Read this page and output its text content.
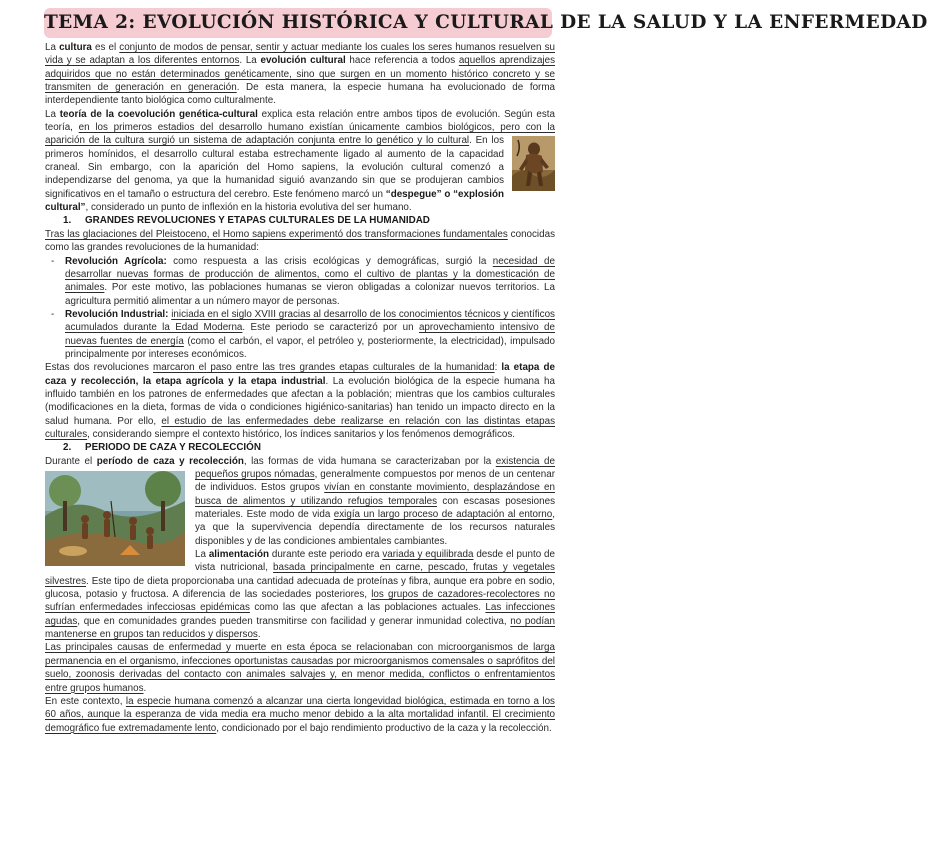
TEMA 2: EVOLUCIÓN HISTÓRICA Y CULTURAL DE LA SALUD Y LA ENFERMEDAD

La cultura es el conjunto de modos de pensar, sentir y actuar mediante los cuales los seres humanos resuelven su vida y se adaptan a los diferentes entornos. La evolución cultural hace referencia a todos aquellos aprendizajes adquiridos que no están determinados genéticamente, sino que surgen en un momento histórico concreto y se transmiten de generación en generación. De esta manera, la especie humana ha evolucionado de forma interdependiente tanto biológica como culturalmente.

La teoría de la coevolución genética-cultural explica esta relación entre ambos tipos de evolución. Según esta teoría, en los primeros estadios del desarrollo humano existían únicamente cambios biológicos, pero con la aparición de la cultura surgió un sistema de adaptación conjunta entre lo genético y lo cultural
. En los primeros homínidos, el desarrollo cultural estaba estrechamente ligado al aumento de la capacidad craneal. Sin embargo, con la aparición del Homo sapiens, la evolución cultural comenzó a independizarse del genoma, ya que la humanidad siguió avanzando sin que se produjeran cambios significativos en el tamaño o estructura del cerebro. Este fenómeno marcó un “despegue” o “explosión cultural”, considerado un punto de inflexión en la historia evolutiva del ser humano.

1. GRANDES REVOLUCIONES Y ETAPAS CULTURALES DE LA HUMANIDAD

Tras las glaciaciones del Pleistoceno, el Homo sapiens experimentó dos transformaciones fundamentales conocidas como las grandes revoluciones de la humanidad:

- Revolución Agrícola: como respuesta a las crisis ecológicas y demográficas, surgió la necesidad de desarrollar nuevas formas de producción de alimentos, como el cultivo de plantas y la domesticación de animales. Por este motivo, las poblaciones humanas se vieron obligadas a colonizar nuevos territorios. La agricultura permitió alimentar a un número mayor de personas.
- Revolución Industrial: iniciada en el siglo XVIII gracias al desarrollo de los conocimientos técnicos y científicos acumulados durante la Edad Moderna. Este periodo se caracterizó por un aprovechamiento intensivo de nuevas fuentes de energía (como el carbón, el vapor, el petróleo y, posteriormente, la electricidad), impulsado principalmente por intereses económicos.

Estas dos revoluciones marcaron el paso entre las tres grandes etapas culturales de la humanidad: la etapa de caza y recolección, la etapa agrícola y la etapa industrial. La evolución biológica de la especie humana ha influido también en los patrones de enfermedades que afectan a la población; mientras que los cambios culturales (modificaciones en la dieta, formas de vida o condiciones higiénico-sanitarias) han tenido un impacto directo en la salud humana. Por ello, el estudio de las enfermedades debe realizarse en relación con las distintas etapas culturales, considerando siempre el contexto histórico, los índices sanitarios y los fenómenos demográficos.

2. PERIODO DE CAZA Y RECOLECCIÓN

Durante el período de caza y recolección, las formas de vida humana se caracterizaban por la
existencia de pequeños grupos nómadas, generalmente compuestos por menos de un centenar de individuos. Estos grupos vivían en constante movimiento, desplazándose en busca de alimentos y utilizando refugios temporales con escasas posesiones materiales. Este modo de vida exigía un largo proceso de adaptación al entorno, ya que la supervivencia dependía directamente de los recursos naturales disponibles y de las condiciones ambientales cambiantes.

La alimentación durante este periodo era variada y equilibrada desde el punto de vista nutricional, basada principalmente en carne, pescado, frutas y vegetales silvestres. Este tipo de dieta proporcionaba una cantidad adecuada de proteínas y fibra, aunque era pobre en sodio, glucosa, potasio y fructosa. A diferencia de las sociedades posteriores, los grupos de cazadores-recolectores no sufrían enfermedades infecciosas epidémicas como las que afectan a las poblaciones actuales. Las infecciones agudas, que en comunidades grandes pueden transmitirse con facilidad y generar inmunidad colectiva, no podían mantenerse en grupos tan reducidos y dispersos.

Las principales causas de enfermedad y muerte en esta época se relacionaban con microorganismos de larga permanencia en el organismo, infecciones oportunistas causadas por microorganismos comensales o saprófitos del suelo, zoonosis derivadas del contacto con animales salvajes y, en menor medida, conflictos o enfrentamientos entre grupos humanos.

En este contexto, la especie humana comenzó a alcanzar una cierta longevidad biológica, estimada en torno a los 60 años, aunque la esperanza de vida media era mucho menor debido a la alta mortalidad infantil. El crecimiento demográfico fue extremadamente lento, condicionado por el bajo rendimiento productivo de la caza y la recolección.
